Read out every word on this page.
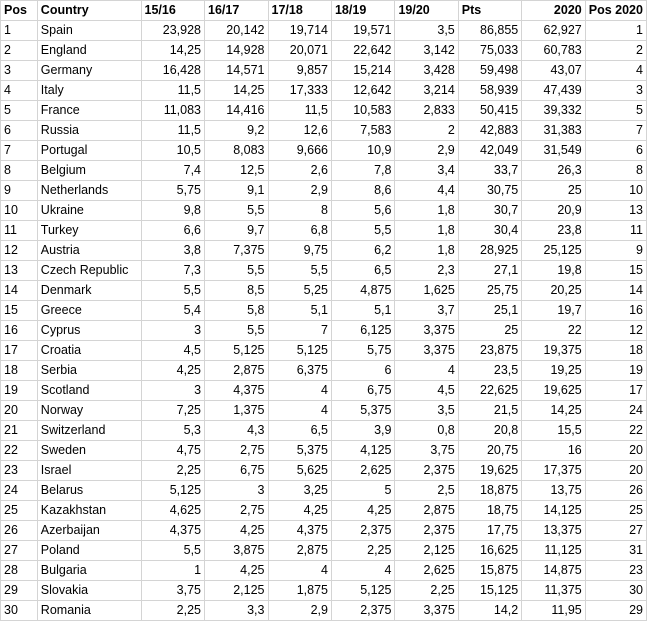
Pos	Country	15/16	16/17	17/18	18/19	19/20	Pts	2020	Pos 2020
1	Spain	23,928	20,142	19,714	19,571	3,5	86,855	62,927	1
2	England	14,25	14,928	20,071	22,642	3,142	75,033	60,783	2
3	Germany	16,428	14,571	9,857	15,214	3,428	59,498	43,07	4
4	Italy	11,5	14,25	17,333	12,642	3,214	58,939	47,439	3
5	France	11,083	14,416	11,5	10,583	2,833	50,415	39,332	5
6	Russia	11,5	9,2	12,6	7,583	2	42,883	31,383	7
7	Portugal	10,5	8,083	9,666	10,9	2,9	42,049	31,549	6
8	Belgium	7,4	12,5	2,6	7,8	3,4	33,7	26,3	8
9	Netherlands	5,75	9,1	2,9	8,6	4,4	30,75	25	10
10	Ukraine	9,8	5,5	8	5,6	1,8	30,7	20,9	13
11	Turkey	6,6	9,7	6,8	5,5	1,8	30,4	23,8	11
12	Austria	3,8	7,375	9,75	6,2	1,8	28,925	25,125	9
13	Czech Republic	7,3	5,5	5,5	6,5	2,3	27,1	19,8	15
14	Denmark	5,5	8,5	5,25	4,875	1,625	25,75	20,25	14
15	Greece	5,4	5,8	5,1	5,1	3,7	25,1	19,7	16
16	Cyprus	3	5,5	7	6,125	3,375	25	22	12
17	Croatia	4,5	5,125	5,125	5,75	3,375	23,875	19,375	18
18	Serbia	4,25	2,875	6,375	6	4	23,5	19,25	19
19	Scotland	3	4,375	4	6,75	4,5	22,625	19,625	17
20	Norway	7,25	1,375	4	5,375	3,5	21,5	14,25	24
21	Switzerland	5,3	4,3	6,5	3,9	0,8	20,8	15,5	22
22	Sweden	4,75	2,75	5,375	4,125	3,75	20,75	16	20
23	Israel	2,25	6,75	5,625	2,625	2,375	19,625	17,375	20
24	Belarus	5,125	3	3,25	5	2,5	18,875	13,75	26
25	Kazakhstan	4,625	2,75	4,25	4,25	2,875	18,75	14,125	25
26	Azerbaijan	4,375	4,25	4,375	2,375	2,375	17,75	13,375	27
27	Poland	5,5	3,875	2,875	2,25	2,125	16,625	11,125	31
28	Bulgaria	1	4,25	4	4	2,625	15,875	14,875	23
29	Slovakia	3,75	2,125	1,875	5,125	2,25	15,125	11,375	30
30	Romania	2,25	3,3	2,9	2,375	3,375	14,2	11,95	29
